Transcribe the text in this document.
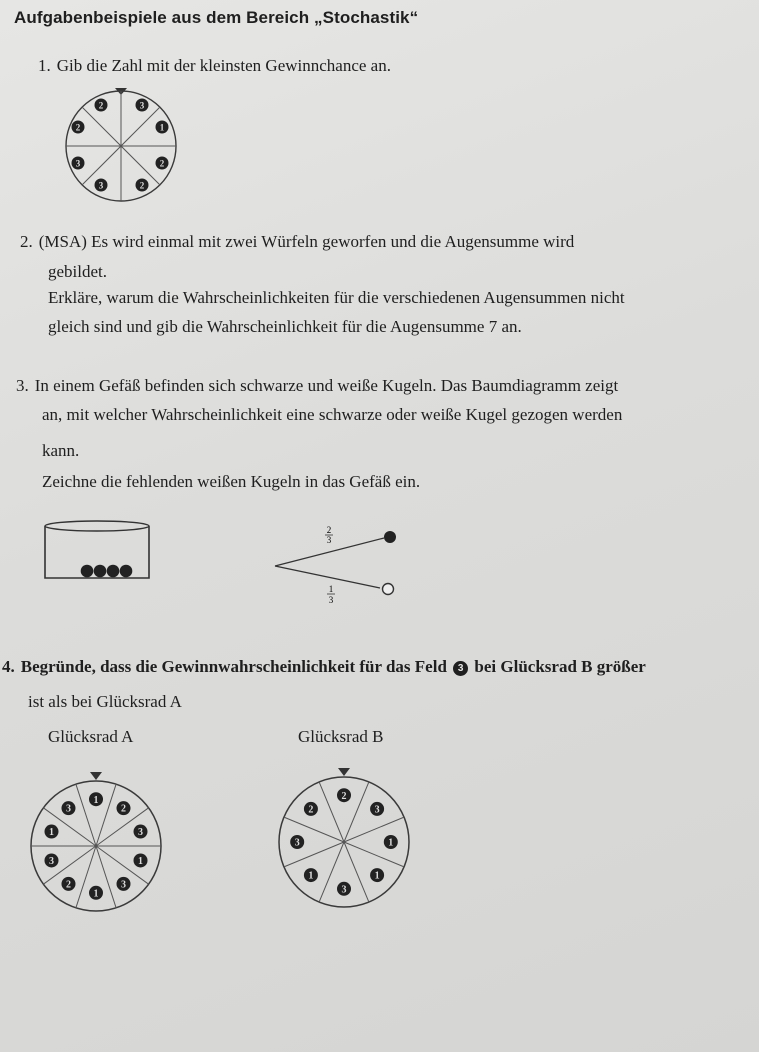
Aufgabenbeispiele aus dem Bereich „Stochastik“
1. Gib die Zahl mit der kleinsten Gewinnchance an.
2	3
1
2
2
3
3
2
2. (MSA) Es wird einmal mit zwei Würfeln geworfen und die Augensumme wird
gebildet.
Erkläre, warum die Wahrscheinlichkeiten für die verschiedenen Augensummen nicht
gleich sind und gib die Wahrscheinlichkeit für die Augensumme 7 an.
3. In einem Gefäß befinden sich schwarze und weiße Kugeln. Das Baumdiagramm zeigt
an, mit welcher Wahrscheinlichkeit eine schwarze oder weiße Kugel gezogen werden
kann.
Zeichne die fehlenden weißen Kugeln in das Gefäß ein.
2
3
1
3
4. Begründe, dass die Gewinnwahrscheinlichkeit für das Feld 3 bei Glücksrad B größer
ist als bei Glücksrad A
Glücksrad A	Glücksrad B
1
2
3
1
3
1
2
3
1
3
2
3
1
1
3
1
3
2
